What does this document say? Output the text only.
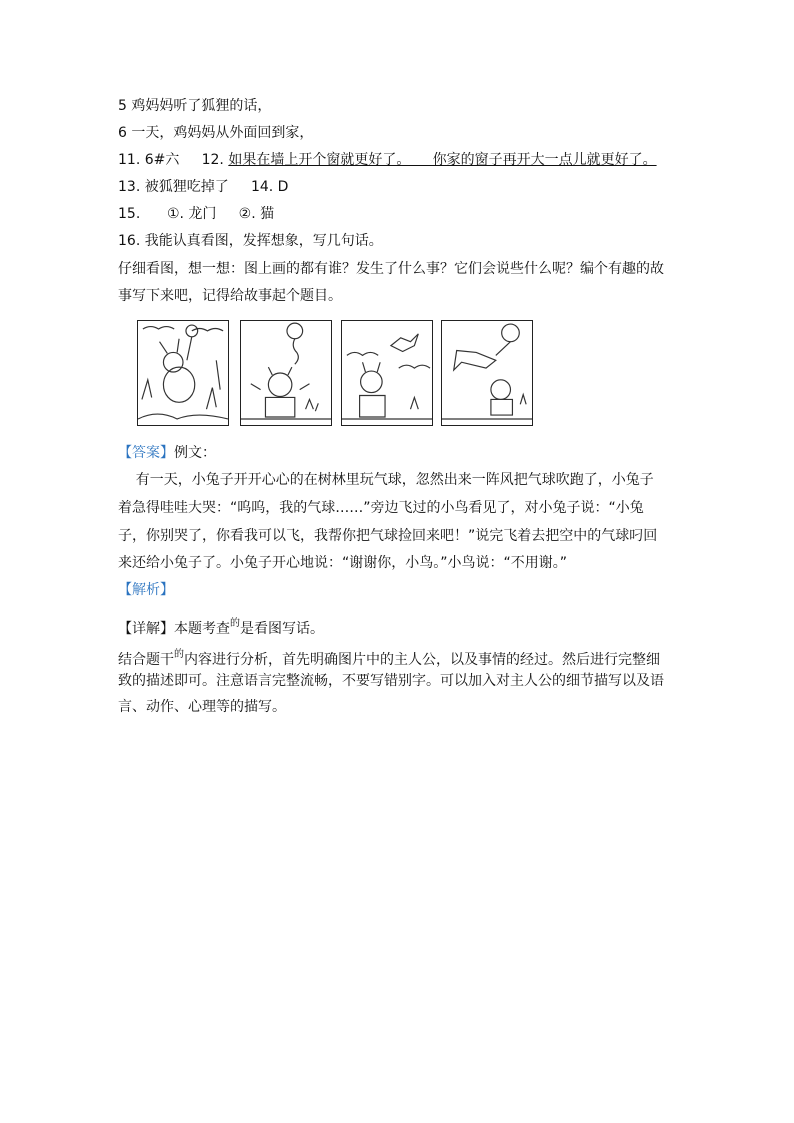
5 鸡妈妈听了狐狸的话，
6 一天，鸡妈妈从外面回到家，
11. 6#六     12. 如果在墙上开个窗就更好了。     你家的窗子再开大一点儿就更好了。
13. 被狐狸吃掉了     14. D
15.      ①. 龙门     ②. 猫
16. 我能认真看图，发挥想象，写几句话。
仔细看图，想一想：图上画的都有谁？发生了什么事？它们会说些什么呢？编个有趣的故
事写下来吧，记得给故事起个题目。
【答案】例文：
有一天，小兔子开开心心的在树林里玩气球，忽然出来一阵风把气球吹跑了，小兔子
着急得哇哇大哭：“呜呜，我的气球……”旁边飞过的小鸟看见了，对小兔子说：“小兔
子，你别哭了，你看我可以飞，我帮你把气球捡回来吧！”说完飞着去把空中的气球叼回
来还给小兔子了。小兔子开心地说：“谢谢你，小鸟。”小鸟说：“不用谢。”
【解析】
【详解】本题考查$^的$是看图写话。
结合题干$^的$内容进行分析，首先明确图片中的主人公，以及事情的经过。然后进行完整细
致的描述即可。注意语言完整流畅，不要写错别字。可以加入对主人公的细节描写以及语
言、动作、心理等的描写。
